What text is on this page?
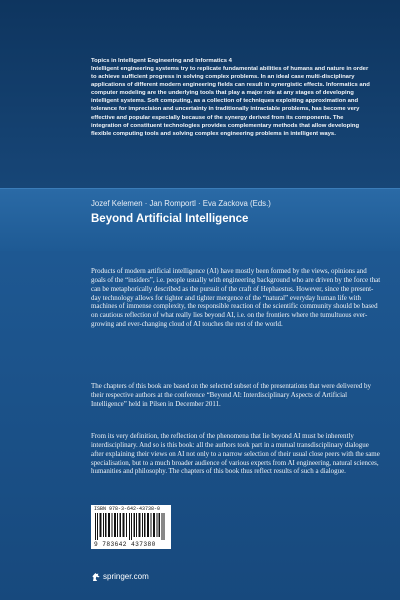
Topics in Intelligent Engineering and Informatics 4

Intelligent engineering systems try to replicate fundamental abilities of humans and nature in order to achieve sufficient progress in solving complex problems. In an ideal case multi-disciplinary applications of different modern engineering fields can result in synergistic effects. Informatics and computer modeling are the underlying tools that play a major role at any stages of developing intelligent systems. Soft computing, as a collection of techniques exploiting approximation and tolerance for imprecision and uncertainty in traditionally intractable problems, has become very effective and popular especially because of the synergy derived from its components. The integration of constituent technologies provides complementary methods that allow developing flexible computing tools and solving complex engineering problems in intelligent ways.

Jozef Kelemen · Jan Romportl · Eva Zackova (Eds.)
Beyond Artificial Intelligence

Products of modern artificial intelligence (AI) have mostly been formed by the views, opinions and goals of the “insiders”, i.e. people usually with engineering background who are driven by the force that can be metaphorically described as the pursuit of the craft of Hephaestus. However, since the present-day technology allows for tighter and tighter mergence of the “natural” everyday human life with machines of immense complexity, the responsible reaction of the scientific community should be based on cautious reflection of what really lies beyond AI, i.e. on the frontiers where the tumultuous ever-growing and ever-changing cloud of AI touches the rest of the world.

The chapters of this book are based on the selected subset of the presentations that were delivered by their respective authors at the conference “Beyond AI: Interdisciplinary Aspects of Artificial Intelligence” held in Pilsen in December 2011.

From its very definition, the reflection of the phenomena that lie beyond AI must be inherently interdisciplinary. And so is this book: all the authors took part in a mutual transdisciplinary dialogue after explaining their views on AI not only to a narrow selection of their usual close peers with the same specialisation, but to a much broader audience of various experts from AI engineering, natural sciences, humanities and philosophy. The chapters of this book thus reflect results of such a dialogue.

ISBN 978-3-642-43738-0
9 783642 437380
springer.com
